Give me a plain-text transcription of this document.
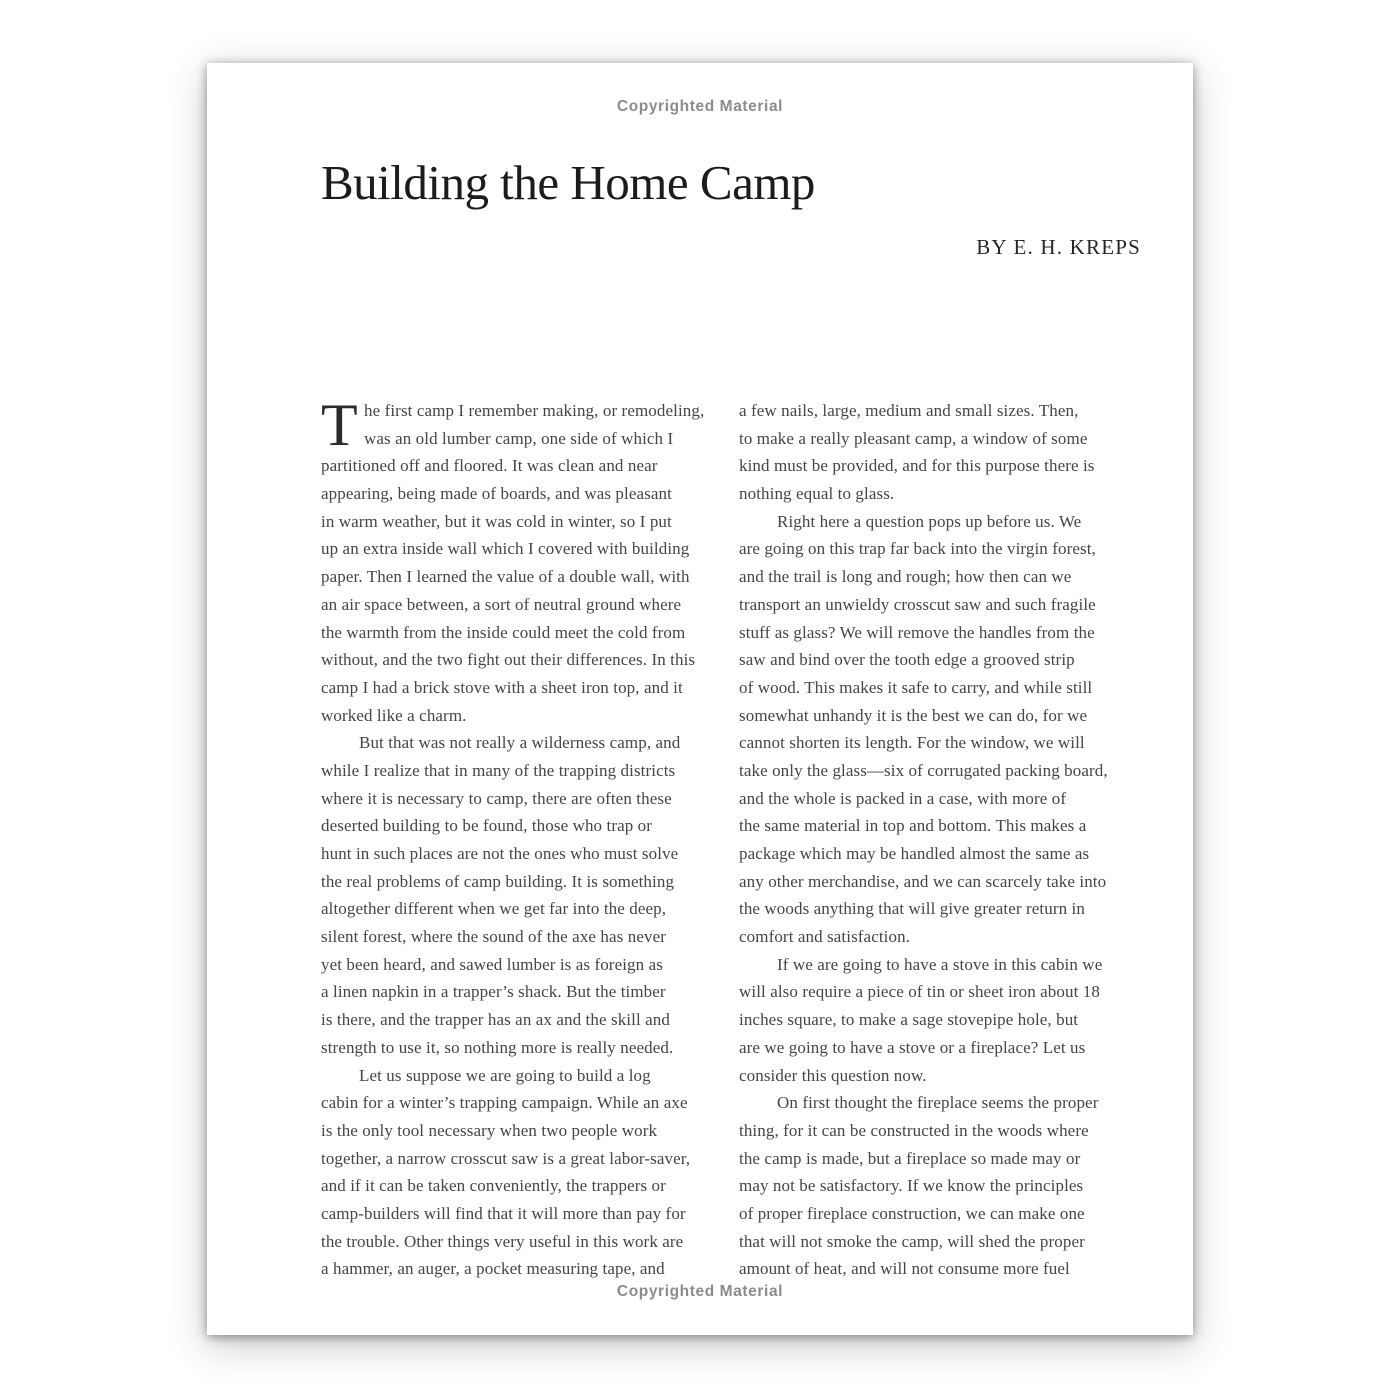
Copyrighted Material
Building the Home Camp
BY E. H. KREPS
T he first camp I remember making, or remodeling,
was an old lumber camp, one side of which I
partitioned off and floored. It was clean and near
appearing, being made of boards, and was pleasant
in warm weather, but it was cold in winter, so I put
up an extra inside wall which I covered with building
paper. Then I learned the value of a double wall, with
an air space between, a sort of neutral ground where
the warmth from the inside could meet the cold from
without, and the two fight out their differences. In this
camp I had a brick stove with a sheet iron top, and it
worked like a charm.
But that was not really a wilderness camp, and
while I realize that in many of the trapping districts
where it is necessary to camp, there are often these
deserted building to be found, those who trap or
hunt in such places are not the ones who must solve
the real problems of camp building. It is something
altogether different when we get far into the deep,
silent forest, where the sound of the axe has never
yet been heard, and sawed lumber is as foreign as
a linen napkin in a trapper’s shack. But the timber
is there, and the trapper has an ax and the skill and
strength to use it, so nothing more is really needed.
Let us suppose we are going to build a log
cabin for a winter’s trapping campaign. While an axe
is the only tool necessary when two people work
together, a narrow crosscut saw is a great labor-saver,
and if it can be taken conveniently, the trappers or
camp-builders will find that it will more than pay for
the trouble. Other things very useful in this work are
a hammer, an auger, a pocket measuring tape, and
a few nails, large, medium and small sizes. Then,
to make a really pleasant camp, a window of some
kind must be provided, and for this purpose there is
nothing equal to glass.
Right here a question pops up before us. We
are going on this trap far back into the virgin forest,
and the trail is long and rough; how then can we
transport an unwieldy crosscut saw and such fragile
stuff as glass? We will remove the handles from the
saw and bind over the tooth edge a grooved strip
of wood. This makes it safe to carry, and while still
somewhat unhandy it is the best we can do, for we
cannot shorten its length. For the window, we will
take only the glass—six of corrugated packing board,
and the whole is packed in a case, with more of
the same material in top and bottom. This makes a
package which may be handled almost the same as
any other merchandise, and we can scarcely take into
the woods anything that will give greater return in
comfort and satisfaction.
If we are going to have a stove in this cabin we
will also require a piece of tin or sheet iron about 18
inches square, to make a sage stovepipe hole, but
are we going to have a stove or a fireplace? Let us
consider this question now.
On first thought the fireplace seems the proper
thing, for it can be constructed in the woods where
the camp is made, but a fireplace so made may or
may not be satisfactory. If we know the principles
of proper fireplace construction, we can make one
that will not smoke the camp, will shed the proper
amount of heat, and will not consume more fuel
Copyrighted Material
